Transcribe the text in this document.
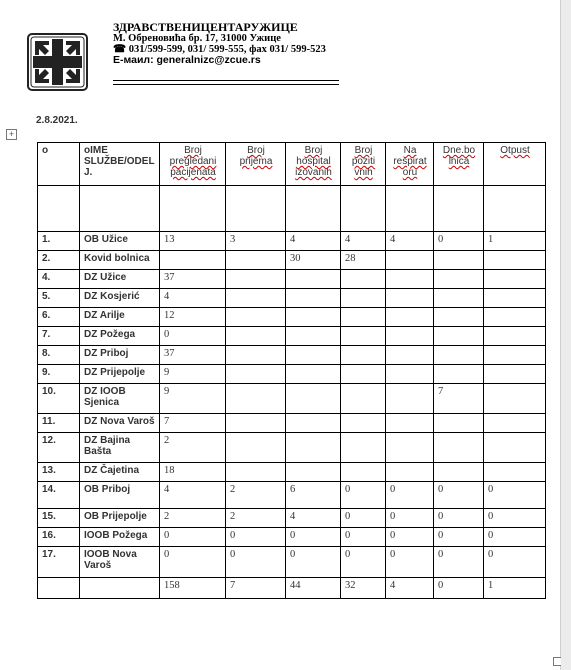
ЗДРАВСТВЕНИЦЕНТАРУЖИЦЕ
М. Обреновића бр. 17, 31000 Ужице
☎ 031/599-599, 031/ 599-555, фах 031/ 599-523
Е-маил: generalnizc@zcue.rs
2.8.2021.
+
o	oIME SLUŽBE/ODEL J.	Broj pregledani pacijenata	Broj prijema	Broj hospital izovanih	Broj poziti vnih	Na respirat oru	Dne.bo lnica	Otpust

1.	OB Užice	13	3	4	4	4	0	1
2.	Kovid bolnica			30	28			
4.	DZ Užice	37						
5.	DZ Kosjerić	4						
6.	DZ Arilje	12						
7.	DZ Požega	0						
8.	DZ Priboj	37						
9.	DZ Prijepolje	9						
10.	DZ IOOB Sjenica	9					7	
11.	DZ Nova Varoš	7						
12.	DZ Bajina Bašta	2						
13.	DZ Čajetina	18						
14.	OB Priboj	4	2	6	0	0	0	0
15.	OB Prijepolje	2	2	4	0	0	0	0
16.	IOOB Požega	0	0	0	0	0	0	0
17.	IOOB Nova Varoš	0	0	0	0	0	0	0
		158	7	44	32	4	0	1
